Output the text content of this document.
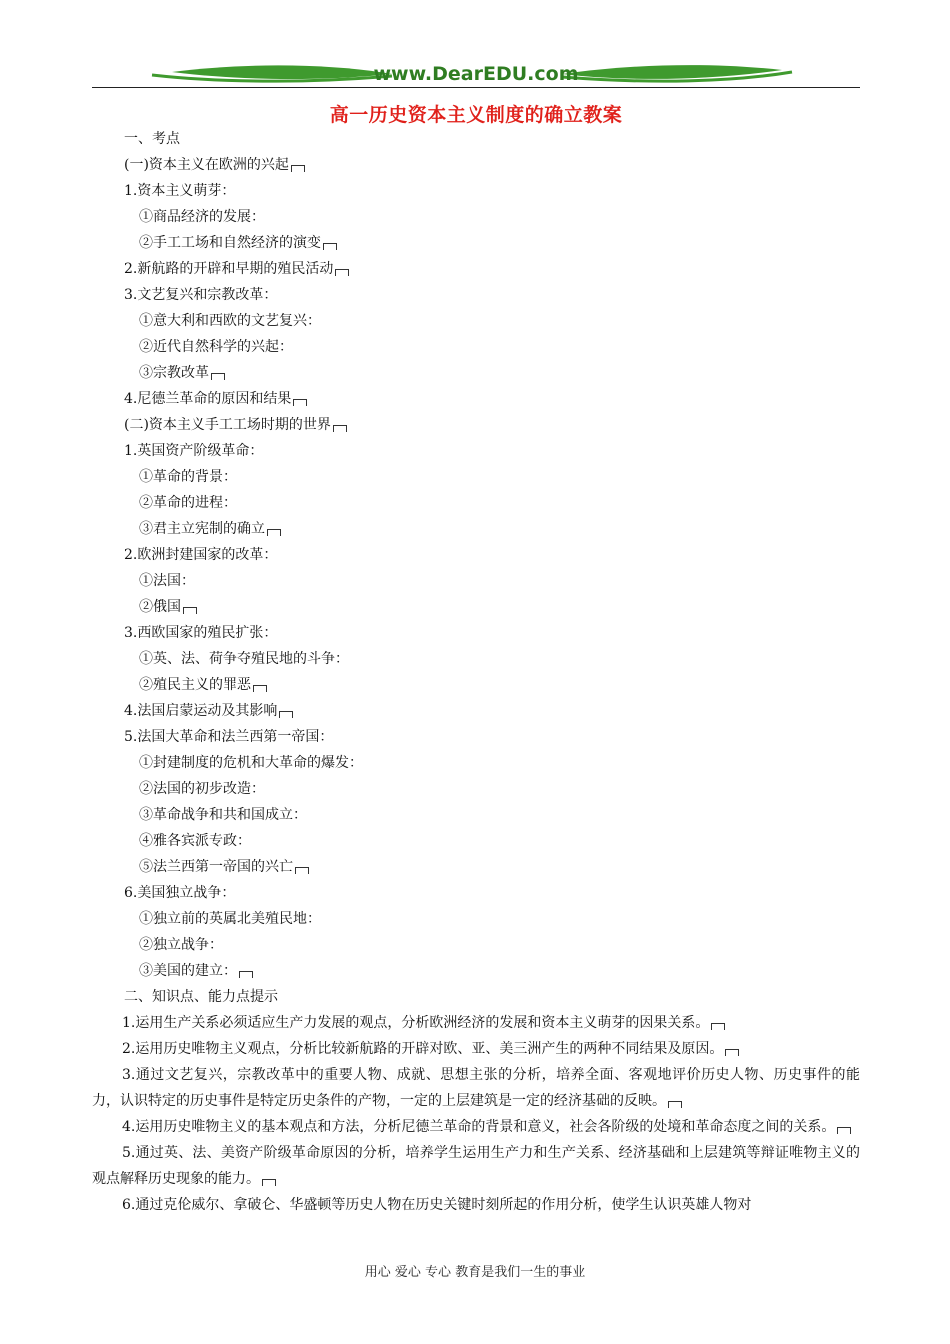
www.DearEDU.com
高一历史资本主义制度的确立教案
一、考点
(一)资本主义在欧洲的兴起
1.资本主义萌芽：
①商品经济的发展：
②手工工场和自然经济的演变
2.新航路的开辟和早期的殖民活动
3.文艺复兴和宗教改革：
①意大利和西欧的文艺复兴：
②近代自然科学的兴起：
③宗教改革
4.尼德兰革命的原因和结果
(二)资本主义手工工场时期的世界
1.英国资产阶级革命：
①革命的背景：
②革命的进程：
③君主立宪制的确立
2.欧洲封建国家的改革：
①法国：
②俄国
3.西欧国家的殖民扩张：
①英、法、荷争夺殖民地的斗争：
②殖民主义的罪恶
4.法国启蒙运动及其影响
5.法国大革命和法兰西第一帝国：
①封建制度的危机和大革命的爆发：
②法国的初步改造：
③革命战争和共和国成立：
④雅各宾派专政：
⑤法兰西第一帝国的兴亡
6.美国独立战争：
①独立前的英属北美殖民地：
②独立战争：
③美国的建立：
二、知识点、能力点提示
1.运用生产关系必须适应生产力发展的观点，分析欧洲经济的发展和资本主义萌芽的因果关系。
2.运用历史唯物主义观点，分析比较新航路的开辟对欧、亚、美三洲产生的两种不同结果及原因。
3.通过文艺复兴，宗教改革中的重要人物、成就、思想主张的分析，培养全面、客观地评价历史人物、历史事件的能力，认识特定的历史事件是特定历史条件的产物，一定的上层建筑是一定的经济基础的反映。
4.运用历史唯物主义的基本观点和方法，分析尼德兰革命的背景和意义，社会各阶级的处境和革命态度之间的关系。
5.通过英、法、美资产阶级革命原因的分析，培养学生运用生产力和生产关系、经济基础和上层建筑等辩证唯物主义的观点解释历史现象的能力。
6.通过克伦威尔、拿破仑、华盛顿等历史人物在历史关键时刻所起的作用分析，使学生认识英雄人物对
用心 爱心 专心 教育是我们一生的事业
